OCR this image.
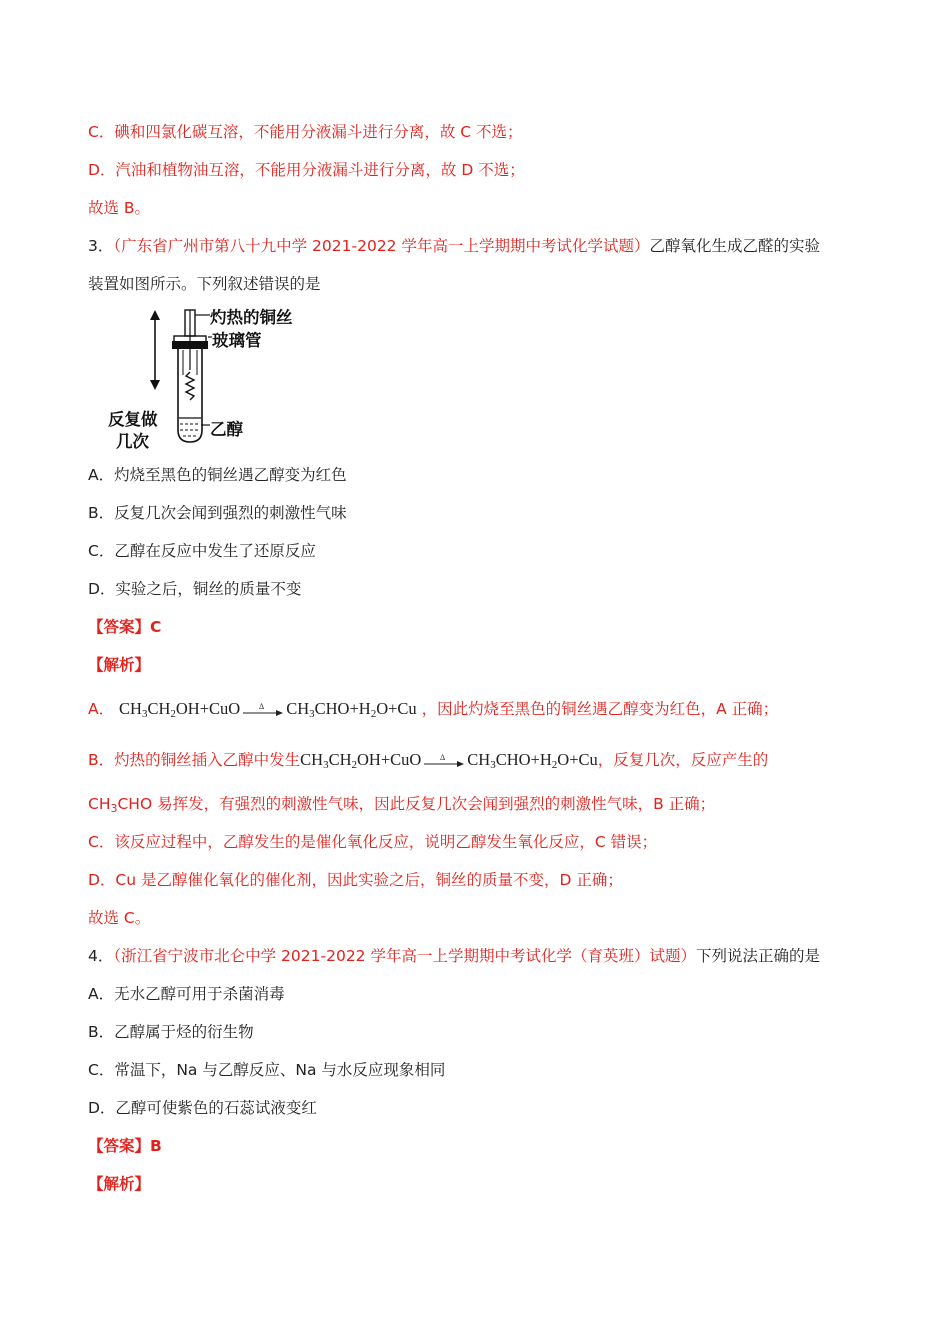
C．碘和四氯化碳互溶，不能用分液漏斗进行分离，故 C 不选；
D．汽油和植物油互溶，不能用分液漏斗进行分离，故 D 不选；
故选 B。
3．（广东省广州市第八十九中学 2021-2022 学年高一上学期期中考试化学试题）乙醇氧化生成乙醛的实验
装置如图所示。下列叙述错误的是
灼热的铜丝
玻璃管
反复做
几次
乙醇
A．灼烧至黑色的铜丝遇乙醇变为红色
B．反复几次会闻到强烈的刺激性气味
C．乙醇在反应中发生了还原反应
D．实验之后，铜丝的质量不变
【答案】C
【解析】
A． $CH_3CH_2OH+CuO$ Δ $CH_3CHO+H_2O+Cu$ ，因此灼烧至黑色的铜丝遇乙醇变为红色，A 正确；
B．灼热的铜丝插入乙醇中发生$CH_3CH_2OH+CuO$ Δ $CH_3CHO+H_2O+Cu$，反复几次，反应产生的
$CH_3CHO$ 易挥发，有强烈的刺激性气味，因此反复几次会闻到强烈的刺激性气味，B 正确；
C．该反应过程中，乙醇发生的是催化氧化反应，说明乙醇发生氧化反应，C 错误；
D．Cu 是乙醇催化氧化的催化剂，因此实验之后，铜丝的质量不变，D 正确；
故选 C。
4．（浙江省宁波市北仑中学 2021-2022 学年高一上学期期中考试化学（育英班）试题）下列说法正确的是
A．无水乙醇可用于杀菌消毒
B．乙醇属于烃的衍生物
C．常温下，Na 与乙醇反应、Na 与水反应现象相同
D．乙醇可使紫色的石蕊试液变红
【答案】B
【解析】
